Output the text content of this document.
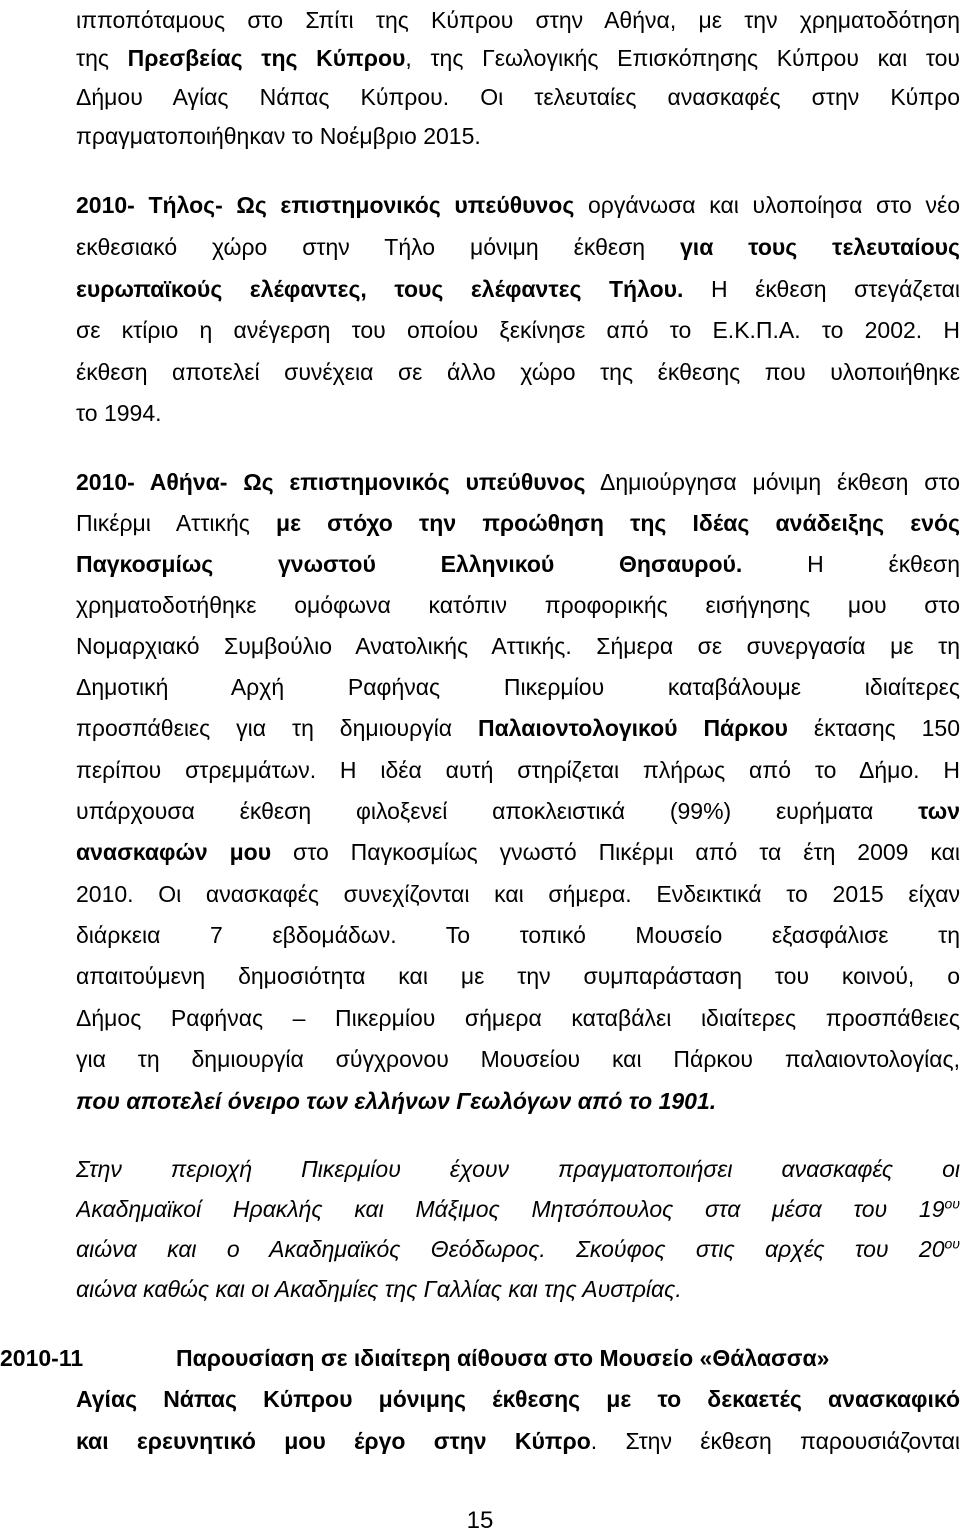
ιπποπόταμους στο Σπίτι της Κύπρου στην Αθήνα, με την χρηματοδότηση
της Πρεσβείας της Κύπρου, της Γεωλογικής Επισκόπησης Κύπρου και του
Δήμου Αγίας Νάπας Κύπρου. Οι τελευταίες ανασκαφές στην Κύπρο
πραγματοποιήθηκαν το Νοέμβριο 2015.
2010- Τήλος- Ως επιστημονικός υπεύθυνος οργάνωσα και υλοποίησα στο νέο
εκθεσιακό χώρο στην Τήλο μόνιμη έκθεση για τους τελευταίους
ευρωπαϊκούς ελέφαντες, τους ελέφαντες Τήλου. Η έκθεση στεγάζεται
σε κτίριο η ανέγερση του οποίου ξεκίνησε από το Ε.Κ.Π.Α. το 2002. Η
έκθεση αποτελεί συνέχεια σε άλλο χώρο της έκθεσης που υλοποιήθηκε
το 1994.
2010- Αθήνα- Ως επιστημονικός υπεύθυνος Δημιούργησα μόνιμη έκθεση στο
Πικέρμι Αττικής με στόχο την προώθηση της Ιδέας ανάδειξης ενός
Παγκοσμίως γνωστού Ελληνικού Θησαυρού. Η έκθεση
χρηματοδοτήθηκε ομόφωνα κατόπιν προφορικής εισήγησης μου στο
Νομαρχιακό Συμβούλιο Ανατολικής Αττικής. Σήμερα σε συνεργασία με τη
Δημοτική Αρχή Ραφήνας Πικερμίου καταβάλουμε ιδιαίτερες
προσπάθειες για τη δημιουργία Παλαιοντολογικού Πάρκου έκτασης 150
περίπου στρεμμάτων. Η ιδέα αυτή στηρίζεται πλήρως από το Δήμο. Η
υπάρχουσα έκθεση φιλοξενεί αποκλειστικά (99%) ευρήματα των
ανασκαφών μου στο Παγκοσμίως γνωστό Πικέρμι από τα έτη 2009 και
2010. Οι ανασκαφές συνεχίζονται και σήμερα. Ενδεικτικά το 2015 είχαν
διάρκεια 7 εβδομάδων. Το τοπικό Μουσείο εξασφάλισε τη
απαιτούμενη δημοσιότητα και με την συμπαράσταση του κοινού, ο
Δήμος Ραφήνας – Πικερμίου σήμερα καταβάλει ιδιαίτερες προσπάθειες
για τη δημιουργία σύγχρονου Μουσείου και Πάρκου παλαιοντολογίας,
που αποτελεί όνειρο των ελλήνων Γεωλόγων από το 1901.
Στην περιοχή Πικερμίου έχουν πραγματοποιήσει ανασκαφές οι
Ακαδημαϊκοί Ηρακλής και Μάξιμος Μητσόπουλος στα μέσα του $19^{o\upsilon}$
αιώνα και ο Ακαδημαϊκός Θεόδωρος. Σκούφος στις αρχές του $20^{o\upsilon}$
αιώνα καθώς και οι Ακαδημίες της Γαλλίας και της Αυστρίας.
2010-11	Παρουσίαση σε ιδιαίτερη αίθουσα στο Μουσείο «Θάλασσα»
Αγίας Νάπας Κύπρου μόνιμης έκθεσης με το δεκαετές ανασκαφικό
και ερευνητικό μου έργο στην Κύπρο. Στην έκθεση παρουσιάζονται
15
